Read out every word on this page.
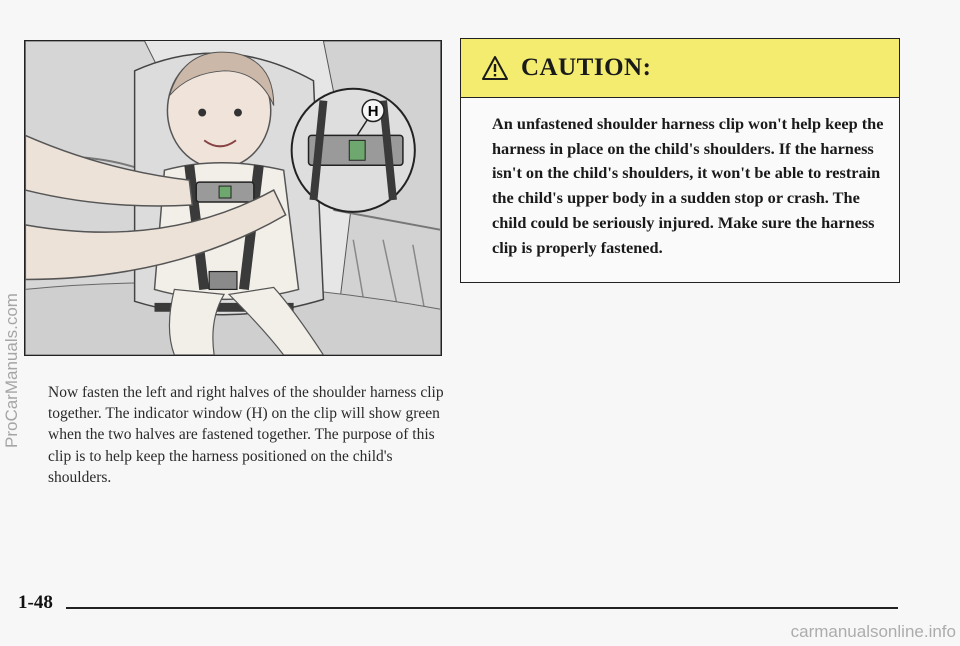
H

Now fasten the left and right halves of the shoulder harness clip together. The indicator window (H) on the clip will show green when the two halves are fastened together. The purpose of this clip is to help keep the harness positioned on the child's shoulders.

CAUTION:

An unfastened shoulder harness clip won't help keep the harness in place on the child's shoulders. If the harness isn't on the child's shoulders, it won't be able to restrain the child's upper body in a sudden stop or crash. The child could be seriously injured. Make sure the harness clip is properly fastened.

ProCarManuals.com
1-48
carmanualsonline.info
